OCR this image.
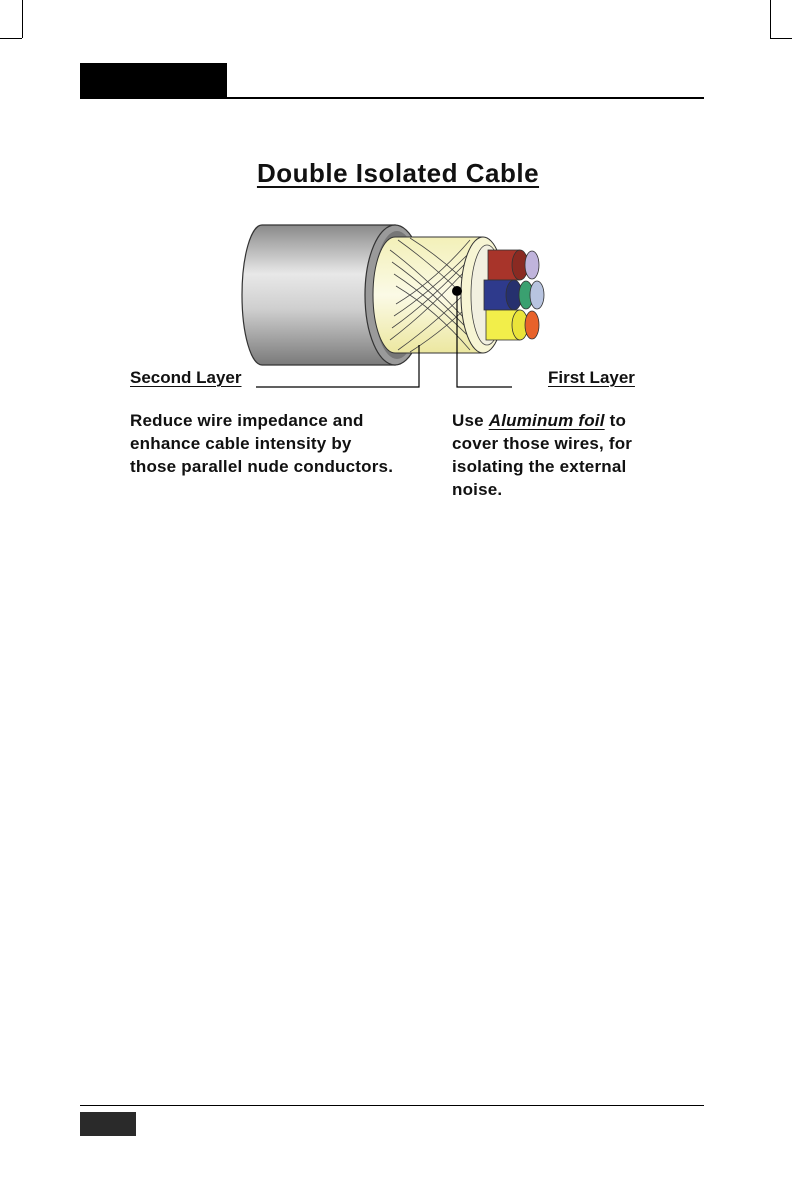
Double Isolated Cable
Second Layer	First Layer
Reduce wire impedance and
enhance cable intensity by
those parallel nude conductors.
Use Aluminum foil to
cover those wires, for
isolating the external
noise.
